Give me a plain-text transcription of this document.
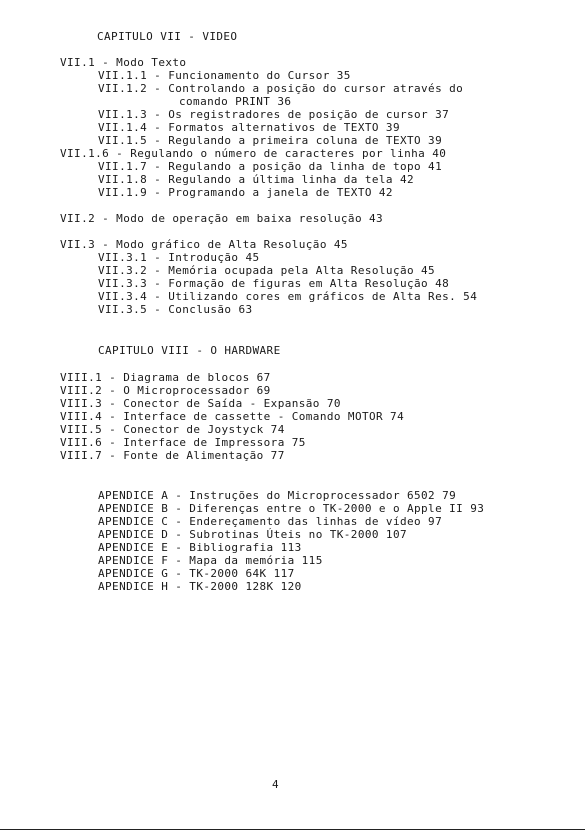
CAPITULO VII - VIDEO
VII.1 - Modo Texto
VII.1.1 - Funcionamento do Cursor 35
VII.1.2 - Controlando a posição do cursor através do
comando PRINT 36
VII.1.3 - Os registradores de posição de cursor 37
VII.1.4 - Formatos alternativos de TEXTO 39
VII.1.5 - Regulando a primeira coluna de TEXTO 39
VII.1.6 - Regulando o número de caracteres por linha 40
VII.1.7 - Regulando a posição da linha de topo 41
VII.1.8 - Regulando a última linha da tela 42
VII.1.9 - Programando a janela de TEXTO 42
VII.2 - Modo de operação em baixa resolução 43
VII.3 - Modo gráfico de Alta Resolução 45
VII.3.1 - Introdução 45
VII.3.2 - Memória ocupada pela Alta Resolução 45
VII.3.3 - Formação de figuras em Alta Resolução 48
VII.3.4 - Utilizando cores em gráficos de Alta Res. 54
VII.3.5 - Conclusão 63
CAPITULO VIII - O HARDWARE
VIII.1 - Diagrama de blocos 67
VIII.2 - O Microprocessador 69
VIII.3 - Conector de Saída - Expansão 70
VIII.4 - Interface de cassette - Comando MOTOR 74
VIII.5 - Conector de Joystyck 74
VIII.6 - Interface de Impressora 75
VIII.7 - Fonte de Alimentação 77
APENDICE A - Instruções do Microprocessador 6502 79
APENDICE B - Diferenças entre o TK-2000 e o Apple II 93
APENDICE C - Endereçamento das linhas de vídeo 97
APENDICE D - Subrotinas Úteis no TK-2000 107
APENDICE E - Bibliografia 113
APENDICE F - Mapa da memória 115
APENDICE G - TK-2000 64K 117
APENDICE H - TK-2000 128K 120
4
